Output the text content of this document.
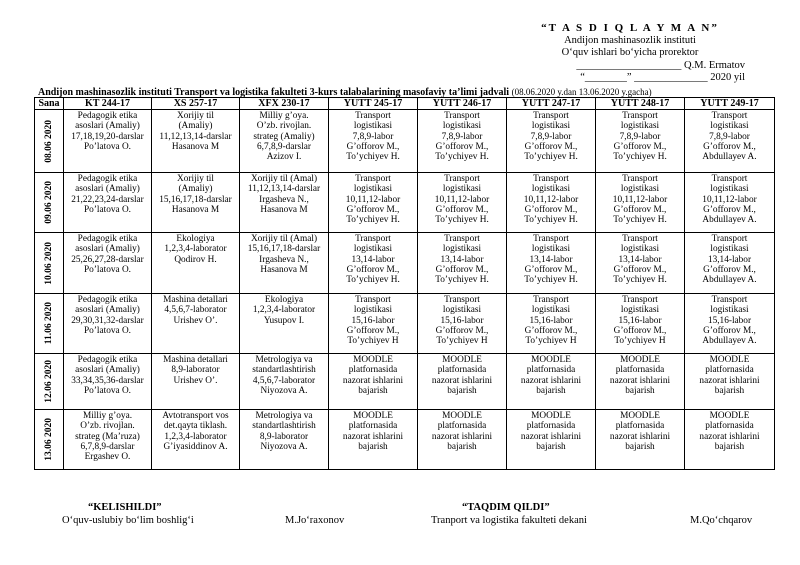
“T A S D I Q L A Y M A N”
Andijon mashinasozlik instituti
O‘quv ishlari bo‘yicha prorektor
____________________ Q.M. Ermatov
“________” ______________ 2020 yil
Andijon mashinasozlik instituti Transport va logistika fakulteti 3-kurs talabalarining masofaviy ta’limi jadvali (08.06.2020 y.dan 13.06.2020 y.gacha)
Sana	KT 244-17	XS 257-17	XFX 230-17	YUTT 245-17	YUTT 246-17	YUTT 247-17	YUTT 248-17	YUTT 249-17

08.06 2020	Pedagogik etika
asoslari (Amaliy)
17,18,19,20-darslar
Po’latova O.	Xorijiy til
(Amaliy)
11,12,13,14-darslar
Hasanova M	Milliy g’oya.
O’zb. rivojlan.
strateg (Amaliy)
6,7,8,9-darslar
Azizov I.	Transport
logistikasi
7,8,9-labor
G’offorov M.,
To’ychiyev H.	Transport
logistikasi
7,8,9-labor
G’offorov M.,
To’ychiyev H.	Transport
logistikasi
7,8,9-labor
G’offorov M.,
To’ychiyev H.	Transport
logistikasi
7,8,9-labor
G’offorov M.,
To’ychiyev H.	Transport
logistikasi
7,8,9-labor
G’offorov M.,
Abdullayev A.

09.06 2020	Pedagogik etika
asoslari (Amaliy)
21,22,23,24-darslar
Po’latova O.	Xorijiy til
(Amaliy)
15,16,17,18-darslar
Hasanova M	Xorijiy til (Amal)
11,12,13,14-darslar
Irgasheva N.,
Hasanova M	Transport
logistikasi
10,11,12-labor
G’offorov M.,
To’ychiyev H.	Transport
logistikasi
10,11,12-labor
G’offorov M.,
To’ychiyev H.	Transport
logistikasi
10,11,12-labor
G’offorov M.,
To’ychiyev H.	Transport
logistikasi
10,11,12-labor
G’offorov M.,
To’ychiyev H.	Transport
logistikasi
10,11,12-labor
G’offorov M.,
Abdullayev A.

10.06 2020	Pedagogik etika
asoslari (Amaliy)
25,26,27,28-darslar
Po’latova O.	Ekologiya
1,2,3,4-laborator
Qodirov H.	Xorijiy til (Amal)
15,16,17,18-darslar
Irgasheva N.,
Hasanova M	Transport
logistikasi
13,14-labor
G’offorov M.,
To’ychiyev H.	Transport
logistikasi
13,14-labor
G’offorov M.,
To’ychiyev H.	Transport
logistikasi
13,14-labor
G’offorov M.,
To’ychiyev H.	Transport
logistikasi
13,14-labor
G’offorov M.,
To’ychiyev H.	Transport
logistikasi
13,14-labor
G’offorov M.,
Abdullayev A.

11.06 2020	Pedagogik etika
asoslari (Amaliy)
29,30,31,32-darslar
Po’latova O.	Mashina detallari
4,5,6,7-laborator
Urishev O’.	Ekologiya
1,2,3,4-laborator
Yusupov I.	Transport
logistikasi
15,16-labor
G’offorov M.,
To’ychiyev H	Transport
logistikasi
15,16-labor
G’offorov M.,
To’ychiyev H	Transport
logistikasi
15,16-labor
G’offorov M.,
To’ychiyev H	Transport
logistikasi
15,16-labor
G’offorov M.,
To’ychiyev H	Transport
logistikasi
15,16-labor
G’offorov M.,
Abdullayev A.

12.06 2020	Pedagogik etika
asoslari (Amaliy)
33,34,35,36-darslar
Po’latova O.	Mashina detallari
8,9-laborator
Urishev O’.	Metrologiya va
standartlashtirish
4,5,6,7-laborator
Niyozova A.	MOODLE
platfornasida
nazorat ishlarini
bajarish	MOODLE
platfornasida
nazorat ishlarini
bajarish	MOODLE
platfornasida
nazorat ishlarini
bajarish	MOODLE
platfornasida
nazorat ishlarini
bajarish	MOODLE
platfornasida
nazorat ishlarini
bajarish

13.06 2020	Milliy g’oya.
O’zb. rivojlan.
strateg (Ma’ruza)
6,7,8,9-darslar
Ergashev O.	Avtotransport vos
det.qayta tiklash.
1,2,3,4-laborator
G’iyasiddinov A.	Metrologiya va
standartlashtirish
8,9-laborator
Niyozova A.	MOODLE
platfornasida
nazorat ishlarini
bajarish	MOODLE
platfornasida
nazorat ishlarini
bajarish	MOODLE
platfornasida
nazorat ishlarini
bajarish	MOODLE
platfornasida
nazorat ishlarini
bajarish	MOODLE
platfornasida
nazorat ishlarini
bajarish
“KELISHILDI”
O‘quv-uslubiy bo‘lim boshlig‘i	M.Jo‘raxonov
“TAQDIM QILDI”
Tranport va logistika fakulteti dekani	M.Qo‘chqarov
